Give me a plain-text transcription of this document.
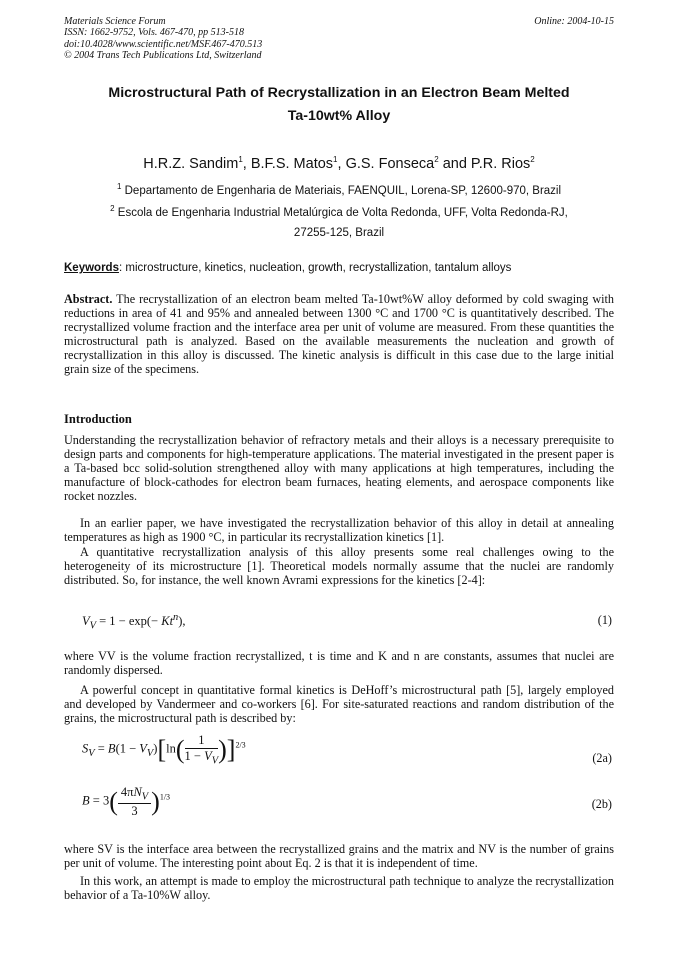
Materials Science Forum
ISSN: 1662-9752, Vols. 467-470, pp 513-518
doi:10.4028/www.scientific.net/MSF.467-470.513
© 2004 Trans Tech Publications Ltd, Switzerland
Online: 2004-10-15
Microstructural Path of Recrystallization in an Electron Beam Melted
Ta-10wt% Alloy
H.R.Z. Sandim$^1$, B.F.S. Matos$^1$, G.S. Fonseca$^2$ and P.R. Rios$^2$
$^1$ Departamento de Engenharia de Materiais, FAENQUIL, Lorena-SP, 12600-970, Brazil
$^2$ Escola de Engenharia Industrial Metalúrgica de Volta Redonda, UFF, Volta Redonda-RJ,
27255-125, Brazil
Keywords: microstructure, kinetics, nucleation, growth, recrystallization, tantalum alloys
Abstract. The recrystallization of an electron beam melted Ta-10wt%W alloy deformed by cold swaging with reductions in area of 41 and 95% and annealed between 1300 °C and 1700 °C is quantitatively described. The recrystallized volume fraction and the interface area per unit of volume are measured. From these quantities the microstructural path is analyzed. Based on the available measurements the nucleation and growth of recrystallization in this alloy is discussed. The kinetic analysis is difficult in this case due to the large initial grain size of the specimens.
Introduction
Understanding the recrystallization behavior of refractory metals and their alloys is a necessary prerequisite to design parts and components for high-temperature applications. The material investigated in the present paper is a Ta-based bcc solid-solution strengthened alloy with many applications at high temperatures, including the manufacture of block-cathodes for electron beam furnaces, heating elements, and aerospace components like rocket nozzles.
In an earlier paper, we have investigated the recrystallization behavior of this alloy in detail at annealing temperatures as high as 1900 °C, in particular its recrystallization kinetics [1].
A quantitative recrystallization analysis of this alloy presents some real challenges owing to the heterogeneity of its microstructure [1]. Theoretical models normally assume that the nuclei are randomly distributed. So, for instance, the well known Avrami expressions for the kinetics [2-4]:
$V_V = 1 - \exp(- Kt^n)$,	(1)
where VV is the volume fraction recrystallized, t is time and K and n are constants, assumes that nuclei are randomly dispersed.
A powerful concept in quantitative formal kinetics is DeHoff’s microstructural path [5], largely employed and developed by Vandermeer and co-workers [6]. For site-saturated reactions and random distribution of the grains, the microstructural path is described by:
$S_V = B(1 - V_V)[\ln( \frac{1}{1 - V_V} )]^{2/3}$
(2a)
$B = 3( \frac{4\pi N_V}{3} )^{1/3}$
(2b)
where SV is the interface area between the recrystallized grains and the matrix and NV is the number of grains per unit of volume. The interesting point about Eq. 2 is that it is independent of time.
In this work, an attempt is made to employ the microstructural path technique to analyze the recrystallization behavior of a Ta-10%W alloy.
